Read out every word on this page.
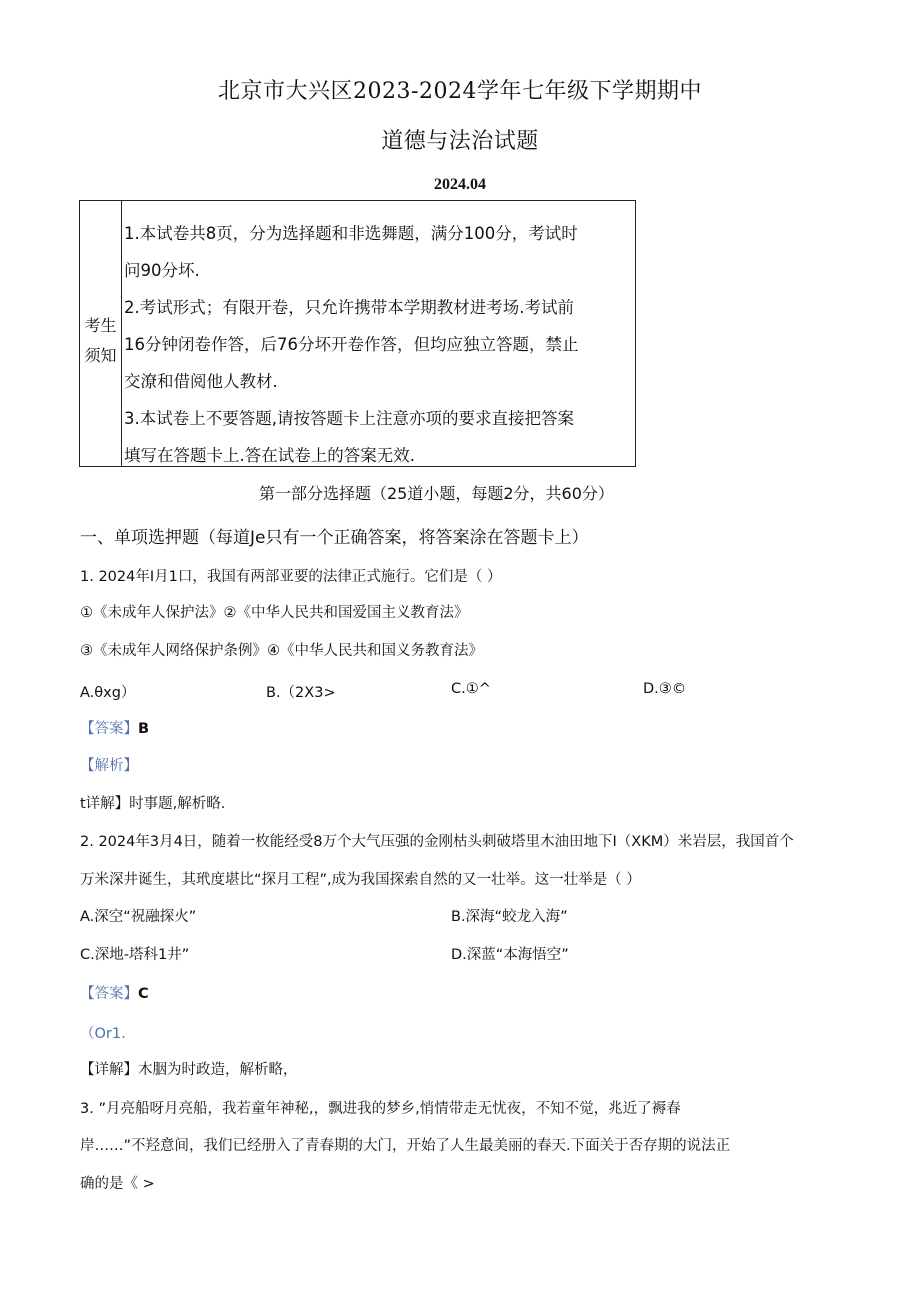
北京市大兴区2023-2024学年七年级下学期期中
道德与法治试题
2024.04
考生
须知
1.本试卷共8页，分为选择题和非选舞题，满分100分，考试时
问90分坏.
2.考试形式；有限开卷，只允许携带本学期教材进考场.考试前
16分钟闭卷作答，后76分坏开卷作答，但均应独立答题，禁止
交潦和借阅他人教材.
3.本试卷上不要答题,请按答题卡上注意亦项的要求直接把答案
填写在答题卡上.答在试卷上的答案无效.
第一部分选择题（25道小题，每题2分，共60分）
一、单项选押题（每道Je只有一个正确答案，将答案涂在答题卡上）
1. 2024年I月1口，我国有两部亚要的法律正式施行。它们是（ ）
①《未成年人保护法》②《中华人民共和国爱国主义教育法》
③《未成年人网络保护条例》④《中华人民共和国义务教育法》
A.θxg）	B.（2X3>	C.①^	D.③©
【答案】B
【解析】
t详解】时事题,解析略.
2. 2024年3月4日，随着一枚能经受8万个大气压强的金刚枯头刺破塔里木油田地下I（XKM）米岩层，我国首个
万米深井诞生，其玳度堪比“探月工程”,成为我国探索自然的又一壮举。这一壮举是（ ）
A.深空“祝融探火”	B.深海“蛟龙入海”
C.深地-塔科1井”	D.深蓝“本海悟空”
【答案】C
（Or1.
【详解】木胭为时政造，解析略，
3. ”月亮船呀月亮船，我若童年神秘,，飘进我的梦乡,悄情带走无忧夜，不知不觉，兆近了褥春
岸……”不羟意间，我们已经册入了青春期的大门，开始了人生最美丽的春天.下面关于否存期的说法正
确的是《 >
